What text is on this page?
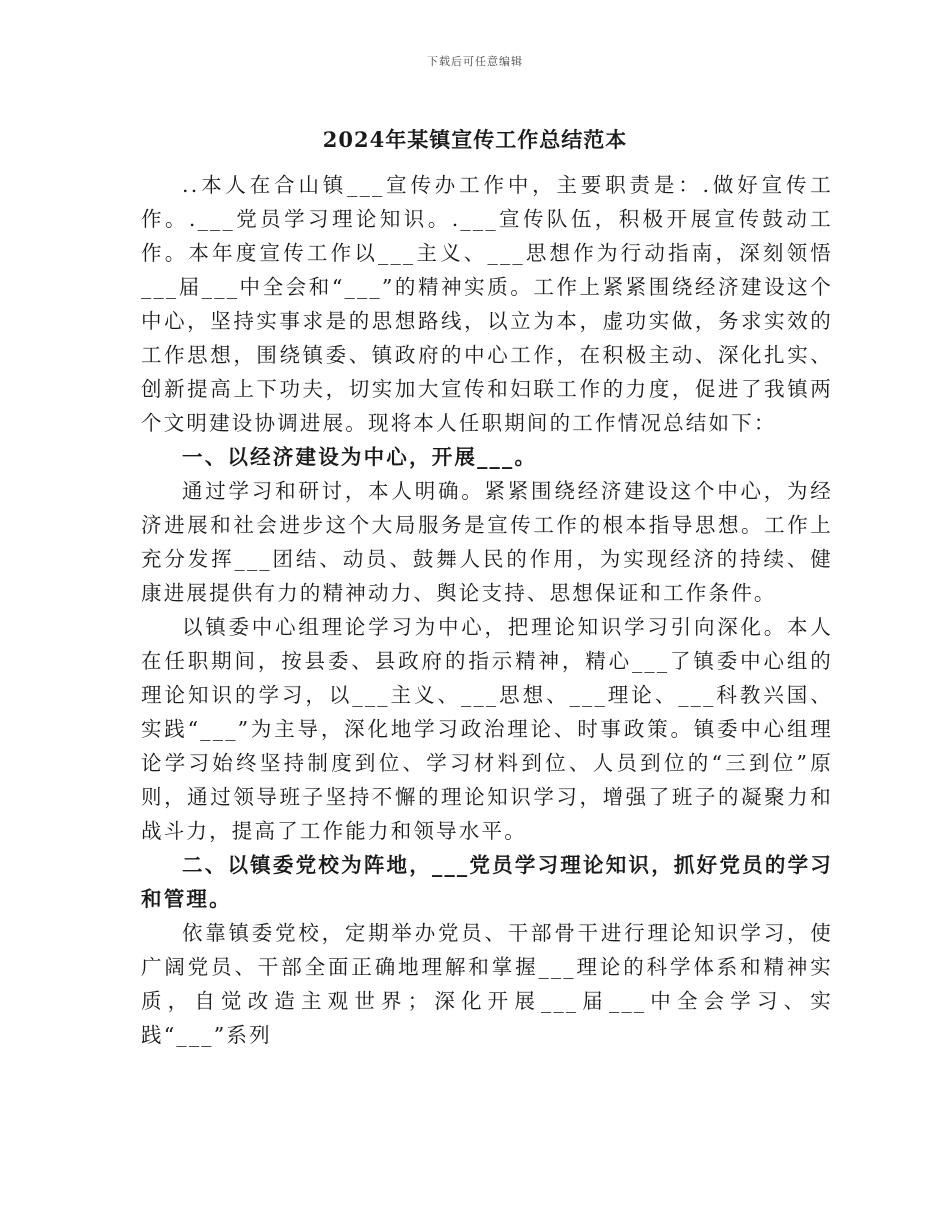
下载后可任意编辑
2024年某镇宣传工作总结范本

..本人在合山镇___宣传办工作中，主要职责是：.做好宣传工作。.___党员学习理论知识。.___宣传队伍，积极开展宣传鼓动工作。本年度宣传工作以___主义、___思想作为行动指南，深刻领悟___届___中全会和“___”的精神实质。工作上紧紧围绕经济建设这个中心，坚持实事求是的思想路线，以立为本，虚功实做，务求实效的工作思想，围绕镇委、镇政府的中心工作，在积极主动、深化扎实、创新提高上下功夫，切实加大宣传和妇联工作的力度，促进了我镇两个文明建设协调进展。现将本人任职期间的工作情况总结如下：

一、以经济建设为中心，开展___。

通过学习和研讨，本人明确。紧紧围绕经济建设这个中心，为经济进展和社会进步这个大局服务是宣传工作的根本指导思想。工作上充分发挥___团结、动员、鼓舞人民的作用，为实现经济的持续、健康进展提供有力的精神动力、舆论支持、思想保证和工作条件。

以镇委中心组理论学习为中心，把理论知识学习引向深化。本人在任职期间，按县委、县政府的指示精神，精心___了镇委中心组的理论知识的学习，以___主义、___思想、___理论、___科教兴国、实践“___”为主导，深化地学习政治理论、时事政策。镇委中心组理论学习始终坚持制度到位、学习材料到位、人员到位的“三到位”原则，通过领导班子坚持不懈的理论知识学习，增强了班子的凝聚力和战斗力，提高了工作能力和领导水平。

二、以镇委党校为阵地，___党员学习理论知识，抓好党员的学习和管理。

依靠镇委党校，定期举办党员、干部骨干进行理论知识学习，使广阔党员、干部全面正确地理解和掌握___理论的科学体系和精神实质，自觉改造主观世界；深化开展___届___中全会学习、实践“___”系列
